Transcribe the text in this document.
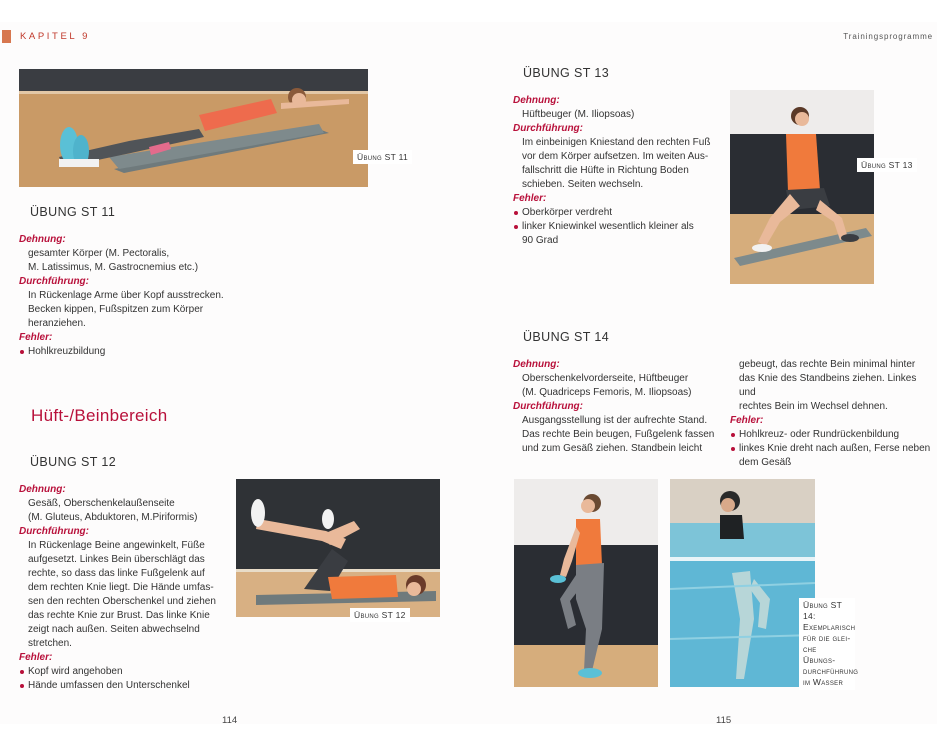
KAPITEL 9	Trainingsprogramme
Übung ST 11
ÜBUNG ST 11
Dehnung:
gesamter Körper (M. Pectoralis,
M. Latissimus, M. Gastrocnemius etc.)
Durchführung:
In Rückenlage Arme über Kopf ausstrecken.
Becken kippen, Fußspitzen zum Körper
heranziehen.
Fehler:
Hohlkreuzbildung
Hüft-/Beinbereich
ÜBUNG ST 12
Dehnung:
Gesäß, Oberschenkelaußenseite
(M. Gluteus, Abduktoren, M.Piriformis)
Durchführung:
In Rückenlage Beine angewinkelt, Füße
aufgesetzt. Linkes Bein überschlägt das
rechte, so dass das linke Fußgelenk auf
dem rechten Knie liegt. Die Hände umfas-
sen den rechten Oberschenkel und ziehen
das rechte Knie zur Brust. Das linke Knie
zeigt nach außen. Seiten abwechselnd
stretchen.
Fehler:
Kopf wird angehoben
Hände umfassen den Unterschenkel
Übung ST 12
114
ÜBUNG ST 13
Dehnung:
Hüftbeuger (M. Iliopsoas)
Durchführung:
Im einbeinigen Kniestand den rechten Fuß
vor dem Körper aufsetzen. Im weiten Aus-
fallschritt die Hüfte in Richtung Boden
schieben. Seiten wechseln.
Fehler:
Oberkörper verdreht
linker Kniewinkel wesentlich kleiner als
90 Grad
Übung ST 13
ÜBUNG ST 14
Dehnung:
Oberschenkelvorderseite, Hüftbeuger
(M. Quadriceps Femoris, M. Iliopsoas)
Durchführung:
Ausgangsstellung ist der aufrechte Stand.
Das rechte Bein beugen, Fußgelenk fassen
und zum Gesäß ziehen. Standbein leicht
gebeugt, das rechte Bein minimal hinter
das Knie des Standbeins ziehen. Linkes und
rechtes Bein im Wechsel dehnen.
Fehler:
Hohlkreuz- oder Rundrückenbildung
linkes Knie dreht nach außen, Ferse neben
dem Gesäß
Übung ST 14:
Exemplarisch
für die glei-
che Übungs-
durchführung
im Wasser
115
